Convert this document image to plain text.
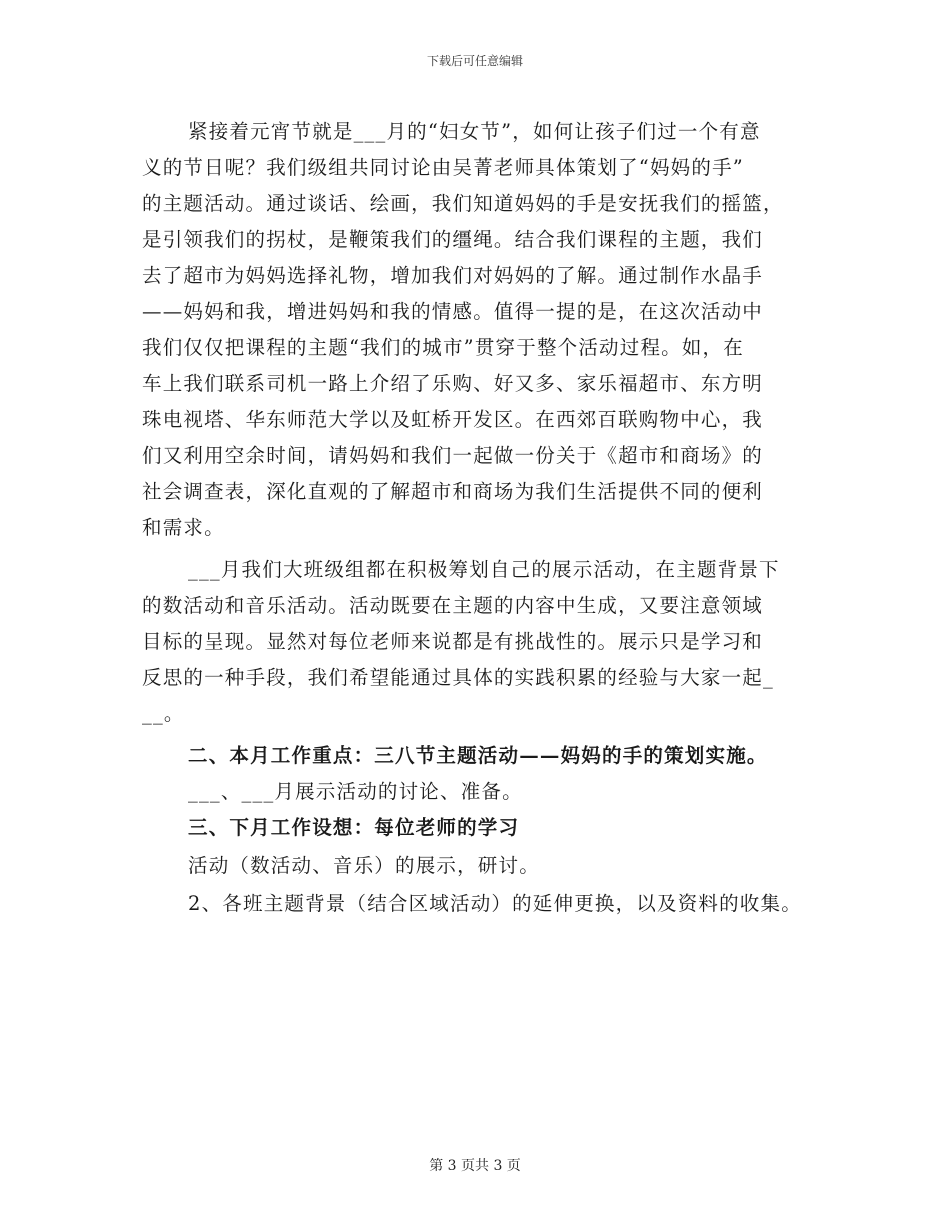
下载后可任意编辑
紧接着元宵节就是___月的“妇女节”，如何让孩子们过一个有意
义的节日呢？我们级组共同讨论由吴菁老师具体策划了“妈妈的手”
的主题活动。通过谈话、绘画，我们知道妈妈的手是安抚我们的摇篮，
是引领我们的拐杖，是鞭策我们的缰绳。结合我们课程的主题，我们
去了超市为妈妈选择礼物，增加我们对妈妈的了解。通过制作水晶手
——妈妈和我，增进妈妈和我的情感。值得一提的是，在这次活动中
我们仅仅把课程的主题“我们的城市”贯穿于整个活动过程。如，在
车上我们联系司机一路上介绍了乐购、好又多、家乐福超市、东方明
珠电视塔、华东师范大学以及虹桥开发区。在西郊百联购物中心，我
们又利用空余时间，请妈妈和我们一起做一份关于《超市和商场》的
社会调查表，深化直观的了解超市和商场为我们生活提供不同的便利
和需求。
___月我们大班级组都在积极筹划自己的展示活动，在主题背景下
的数活动和音乐活动。活动既要在主题的内容中生成，又要注意领域
目标的呈现。显然对每位老师来说都是有挑战性的。展示只是学习和
反思的一种手段，我们希望能通过具体的实践积累的经验与大家一起_
__。
二、本月工作重点：三八节主题活动——妈妈的手的策划实施。
___、___月展示活动的讨论、准备。
三、下月工作设想：每位老师的学习
活动（数活动、音乐）的展示，研讨。
2、各班主题背景（结合区域活动）的延伸更换，以及资料的收集。
第 3 页共 3 页
